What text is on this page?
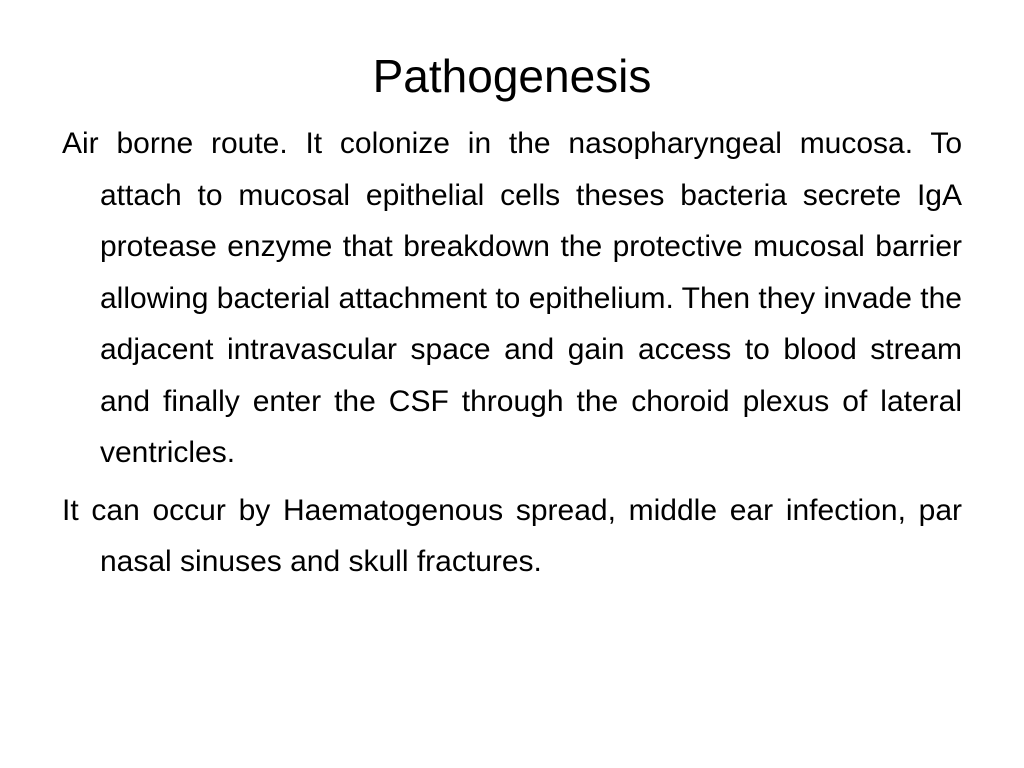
Pathogenesis
Air borne route. It colonize in the nasopharyngeal mucosa. To attach to mucosal epithelial cells theses bacteria secrete IgA protease enzyme that breakdown the protective mucosal barrier allowing bacterial attachment to epithelium. Then they invade the adjacent intravascular space and gain access to blood stream and finally enter the CSF through the choroid plexus of lateral ventricles.
It can occur by Haematogenous spread, middle ear infection, par nasal sinuses and skull fractures.
